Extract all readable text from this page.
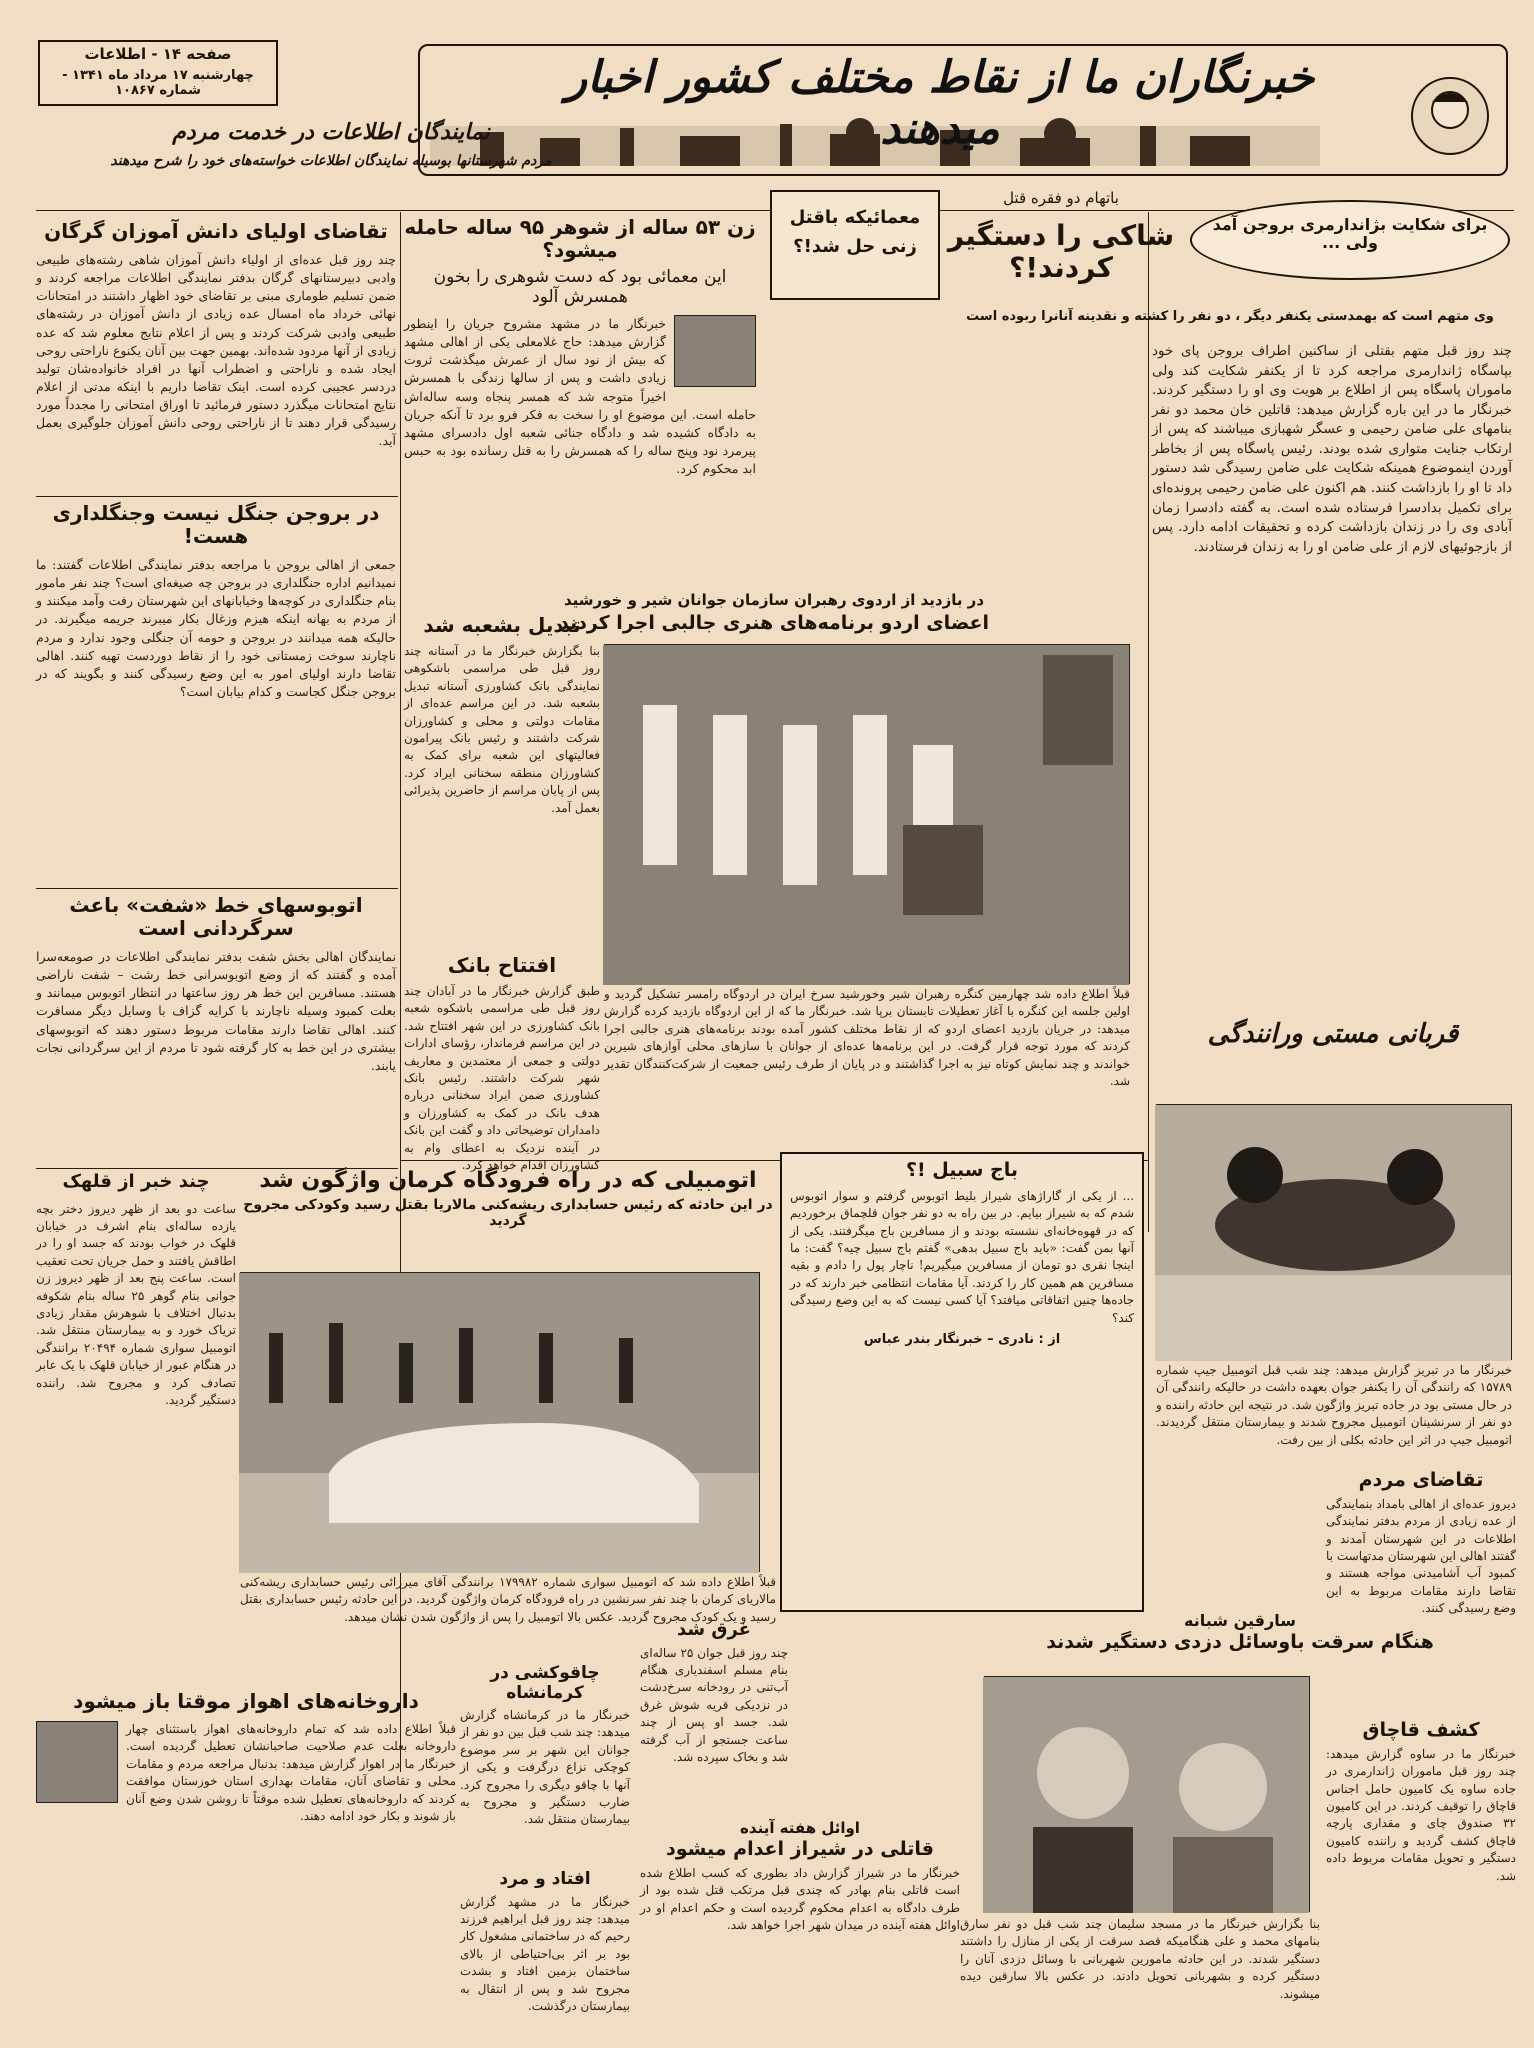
صفحه ۱۴ - اطلاعات
چهارشنبه ۱۷ مرداد ماه ۱۳۴۱ - شماره ۱۰۸۶۷	خبرنگاران ما از نقاط مختلف کشور اخبار میدهند
نمایندگان اطلاعات در خدمت مردم
مردم شهرستانها بوسیله نمایندگان اطلاعات خواسته‌های خود را شرح میدهند
تقاضای اولیای دانش آموزان گرگان
چند روز قبل عده‌ای از اولیاء دانش آموزان شاهی رشته‌های طبیعی وادبی دبیرستانهای گرگان بدفتر نمایندگی اطلاعات مراجعه کردند و ضمن تسلیم طوماری مبنی بر تقاضای خود اظهار داشتند در امتحانات نهائی خرداد ماه امسال عده زیادی از دانش آموزان در رشته‌های طبیعی وادبی شرکت کردند و پس از اعلام نتایج معلوم شد که عده زیادی از آنها مردود شده‌اند. بهمین جهت بین آنان یکنوع ناراحتی روحی ایجاد شده و ناراحتی و اضطراب آنها در افراد خانواده‌شان تولید دردسر عجیبی کرده است. اینک تقاضا داریم با اینکه مدتی از اعلام نتایج امتحانات میگذرد دستور فرمائید تا اوراق امتحانی را مجدداً مورد رسیدگی قرار دهند تا از ناراحتی روحی دانش آموزان جلوگیری بعمل آید.
در بروجن جنگل نیست وجنگلداری هست!
جمعی از اهالی بروجن با مراجعه بدفتر نمایندگی اطلاعات گفتند: ما نمیدانیم اداره جنگلداری در بروجن چه صیغه‌ای است؟ چند نفر مامور بنام جنگلداری در کوچه‌ها وخیابانهای این شهرستان رفت وآمد میکنند و از مردم به بهانه اینکه هیزم وزغال بکار میبرند جریمه میگیرند. در حالیکه همه میدانند در بروجن و حومه آن جنگلی وجود ندارد و مردم ناچارند سوخت زمستانی خود را از نقاط دوردست تهیه کنند. اهالی تقاضا دارند اولیای امور به این وضع رسیدگی کنند و بگویند که در بروجن جنگل کجاست و کدام بیابان است؟
اتوبوسهای خط «شفت» باعث سرگردانی است
نمایندگان اهالی بخش شفت بدفتر نمایندگی اطلاعات در صومعه‌سرا آمده و گفتند که از وضع اتوبوسرانی خط رشت – شفت ناراضی هستند. مسافرین این خط هر روز ساعتها در انتظار اتوبوس میمانند و بعلت کمبود وسیله ناچارند با کرایه گزاف با وسایل دیگر مسافرت کنند. اهالی تقاضا دارند مقامات مربوط دستور دهند که اتوبوسهای بیشتری در این خط به کار گرفته شود تا مردم از این سرگردانی نجات یابند.
چند خبر از قلهک
ساعت دو بعد از ظهر دیروز دختر بچه یازده ساله‌ای بنام اشرف در خیابان قلهک در خواب بودند که جسد او را در اطاقش یافتند و حمل جریان تحت تعقیب است. ساعت پنج بعد از ظهر دیروز زن جوانی بنام گوهر ۲۵ ساله بنام شکوفه بدنبال اختلاف با شوهرش مقدار زیادی تریاک خورد و به بیمارستان منتقل شد. اتومبیل سواری شماره ۲۰۴۹۴ برانندگی در هنگام عبور از خیابان قلهک با یک عابر تصادف کرد و مجروح شد. راننده دستگیر گردید.
زن ۵۳ ساله از شوهر ۹۵ ساله حامله میشود؟
این معمائی بود که دست شوهری را بخون همسرش آلود
خبرنگار ما در مشهد مشروح جریان را اینطور گزارش میدهد: حاج غلامعلی یکی از اهالی مشهد که بیش از نود سال از عمرش میگذشت ثروت زیادی داشت و پس از سالها زندگی با همسرش اخیراً متوجه شد که همسر پنجاه وسه ساله‌اش حامله است. این موضوع او را سخت به فکر فرو برد تا آنکه جریان به دادگاه کشیده شد و دادگاه جنائی شعبه اول دادسرای مشهد پیرمرد نود وپنج ساله را که همسرش را به قتل رسانده بود به حبس ابد محکوم کرد.
معمائیکه باقتل
زنی حل شد!؟
باتهام دو فقره قتل
شاکی را دستگیر کردند!؟
برای شکایت بژاندارمری بروجن آمد ولی ...
وی متهم است که بهمدستی یکنفر دیگر ، دو نفر را کشته و نقدینه آنانرا ربوده است
چند روز قبل متهم بقتلی از ساکنین اطراف بروجن پای خود بپاسگاه ژاندارمری مراجعه کرد تا از یکنفر شکایت کند ولی ماموران پاسگاه پس از اطلاع بر هویت وی او را دستگیر کردند. خبرنگار ما در این باره گزارش میدهد: قاتلین خان محمد دو نفر بنامهای علی ضامن رحیمی و عسگر شهبازی میباشند که پس از ارتکاب جنایت متواری شده بودند. رئیس پاسگاه پس از بخاطر آوردن اینموضوع همینکه شکایت علی ضامن رسیدگی شد دستور داد تا او را بازداشت کنند. هم اکنون علی ضامن رحیمی پرونده‌ای برای تکمیل بدادسرا فرستاده شده است. به گفته دادسرا زمان آبادی وی را در زندان بازداشت کرده و تحقیقات ادامه دارد. پس از بازجوئیهای لازم از علی ضامن او را به زندان فرستادند.
در بازدید از اردوی رهبران سازمان جوانان شیر و خورشید
اعضای اردو برنامه‌های هنری جالبی اجرا کردند
قبلاً اطلاع داده شد چهارمین کنگره رهبران شیر وخورشید سرخ ایران در اردوگاه رامسر تشکیل گردید و اولین جلسه این کنگره با آغاز تعطیلات تابستان برپا شد. خبرنگار ما که از این اردوگاه بازدید کرده گزارش میدهد: در جریان بازدید اعضای اردو که از نقاط مختلف کشور آمده بودند برنامه‌های هنری جالبی اجرا کردند که مورد توجه قرار گرفت. در این برنامه‌ها عده‌ای از جوانان با سازهای محلی آوازهای شیرین خواندند و چند نمایش کوتاه نیز به اجرا گذاشتند و در پایان از طرف رئیس جمعیت از شرکت‌کنندگان تقدیر شد.
تبدیل بشعبه شد
بنا بگزارش خبرنگار ما در آستانه چند روز قبل طی مراسمی باشکوهی نمایندگی بانک کشاورزی آستانه تبدیل بشعبه شد. در این مراسم عده‌ای از مقامات دولتی و محلی و کشاورزان شرکت داشتند و رئیس بانک پیرامون فعالیتهای این شعبه برای کمک به کشاورزان منطقه سخنانی ایراد کرد. پس از پایان مراسم از حاضرین پذیرائی بعمل آمد.
افتتاح بانک
طبق گزارش خبرنگار ما در آبادان چند روز قبل طی مراسمی باشکوه شعبه بانک کشاورزی در این شهر افتتاح شد. در این مراسم فرماندار، رؤسای ادارات دولتی و جمعی از معتمدین و معاریف شهر شرکت داشتند. رئیس بانک کشاورزی ضمن ایراد سخنانی درباره هدف بانک در کمک به کشاورزان و دامداران توضیحاتی داد و گفت این بانک در آینده نزدیک به اعطای وام به کشاورزان اقدام خواهد کرد.	باج سبیل !؟
... از یکی از گاراژهای شیراز بلیط اتوبوس گرفتم و سوار اتوبوس شدم که به شیراز بیایم. در بین راه به دو نفر جوان قلچماق برخوردیم که در قهوه‌خانه‌ای نشسته بودند و از مسافرین باج میگرفتند. یکی از آنها بمن گفت: «باید باج سبیل بدهی» گفتم باج سبیل چیه؟ گفت: ما اینجا نفری دو تومان از مسافرین میگیریم! ناچار پول را دادم و بقیه مسافرین هم همین کار را کردند. آیا مقامات انتظامی خبر دارند که در جاده‌ها چنین اتفاقاتی میافتد؟ آیا کسی نیست که به این وضع رسیدگی کند؟
از : نادری – خبرنگار بندر عباس
قربانی مستی ورانندگی
خبرنگار ما در تبریز گزارش میدهد: چند شب قبل اتومبیل جیپ شماره ۱۵۷۸۹ که رانندگی آن را یکنفر جوان بعهده داشت در حالیکه رانندگی آن در حال مستی بود در جاده تبریز واژگون شد. در نتیجه این حادثه راننده و دو نفر از سرنشینان اتومبیل مجروح شدند و بیمارستان منتقل گردیدند. اتومبیل جیپ در اثر این حادثه بکلی از بین رفت.
اتومبیلی که در راه فرودگاه کرمان واژگون شد
در این حادثه که رئیس حسابداری ریشه‌کنی مالاریا بقتل رسید وکودکی مجروح گردید
قبلاً اطلاع داده شد که اتومبیل سواری شماره ۱۷۹۹۸۲ برانندگی آقای میرزائی رئیس حسابداری ریشه‌کنی مالاریای کرمان با چند نفر سرنشین در راه فرودگاه کرمان واژگون گردید. در این حادثه رئیس حسابداری بقتل رسید و یک کودک مجروح گردید. عکس بالا اتومبیل را پس از واژگون شدن نشان میدهد.
داروخانه‌های اهواز موقتا باز میشود
قبلاً اطلاع داده شد که تمام داروخانه‌های اهواز باستثنای چهار داروخانه بعلت عدم صلاحیت صاحبانشان تعطیل گردیده است. خبرنگار ما در اهواز گزارش میدهد: بدنبال مراجعه مردم و مقامات محلی و تقاضای آنان، مقامات بهداری استان خوزستان موافقت کردند که داروخانه‌های تعطیل شده موقتاً تا روشن شدن وضع آنان باز شوند و بکار خود ادامه دهند.
چاقوکشی در کرمانشاه
خبرنگار ما در کرمانشاه گزارش میدهد: چند شب قبل بین دو نفر از جوانان این شهر بر سر موضوع کوچکی نزاع درگرفت و یکی از آنها با چاقو دیگری را مجروح کرد. ضارب دستگیر و مجروح به بیمارستان منتقل شد.
افتاد و مرد
خبرنگار ما در مشهد گزارش میدهد: چند روز قبل ابراهیم فرزند رحیم که در ساختمانی مشغول کار بود بر اثر بی‌احتیاطی از بالای ساختمان بزمین افتاد و بشدت مجروح شد و پس از انتقال به بیمارستان درگذشت.
غرق شد
چند روز قبل جوان ۲۵ ساله‌ای بنام مسلم اسفندیاری هنگام آب‌تنی در رودخانه سرخ‌دشت در نزدیکی قریه شوش غرق شد. جسد او پس از چند ساعت جستجو از آب گرفته شد و بخاک سپرده شد.
اوائل هفته آینده
قاتلی در شیراز اعدام میشود
خبرنگار ما در شیراز گزارش داد بطوری که کسب اطلاع شده است قاتلی بنام بهادر که چندی قبل مرتکب قتل شده بود از طرف دادگاه به اعدام محکوم گردیده است و حکم اعدام او در اوائل هفته آینده در میدان شهر اجرا خواهد شد.
سارقین شبانه
هنگام سرقت باوسائل دزدی دستگیر شدند
بنا بگزارش خبرنگار ما در مسجد سلیمان چند شب قبل دو نفر سارق بنامهای محمد و علی هنگامیکه قصد سرقت از یکی از منازل را داشتند دستگیر شدند. در این حادثه مامورین شهربانی با وسائل دزدی آنان را دستگیر کرده و بشهربانی تحویل دادند. در عکس بالا سارقین دیده میشوند.
تقاضای مردم
دیروز عده‌ای از اهالی بامداد بنمایندگی از عده زیادی از مردم بدفتر نمایندگی اطلاعات در این شهرستان آمدند و گفتند اهالی این شهرستان مدتهاست با کمبود آب آشامیدنی مواجه هستند و تقاضا دارند مقامات مربوط به این وضع رسیدگی کنند.
کشف قاچاق
خبرنگار ما در ساوه گزارش میدهد: چند روز قبل ماموران ژاندارمری در جاده ساوه یک کامیون حامل اجناس قاچاق را توقیف کردند. در این کامیون ۳۲ صندوق چای و مقداری پارچه قاچاق کشف گردید و راننده کامیون دستگیر و تحویل مقامات مربوط داده شد.
